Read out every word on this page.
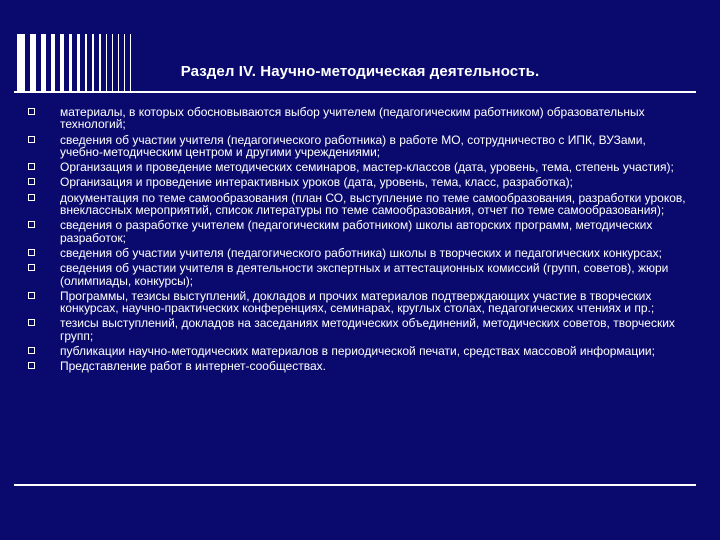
Раздел IV. Научно-методическая деятельность.
материалы, в которых обосновываются выбор учителем (педагогическим работником) образовательных технологий;
сведения об участии учителя (педагогического работника) в работе МО, сотрудничество с ИПК, ВУЗами, учебно-методическим центром и другими учреждениями;
Организация и проведение методических семинаров, мастер-классов (дата, уровень, тема, степень участия);
Организация и проведение интерактивных уроков (дата, уровень, тема, класс, разработка);
документация по теме самообразования (план СО, выступление по теме самообразования, разработки уроков, внеклассных мероприятий, список литературы по теме самообразования, отчет по теме самообразования);
сведения о разработке учителем (педагогическим работником) школы авторских программ, методических разработок;
сведения об участии учителя (педагогического работника) школы в творческих и педагогических конкурсах;
сведения об участии учителя в деятельности экспертных и аттестационных комиссий (групп, советов), жюри (олимпиады, конкурсы);
Программы, тезисы выступлений, докладов и прочих материалов подтверждающих участие в творческих конкурсах, научно-практических конференциях, семинарах, круглых столах, педагогических чтениях и пр.;
тезисы выступлений, докладов на заседаниях методических объединений, методических советов, творческих групп;
публикации научно-методических материалов в периодической печати, средствах массовой информации;
Представление работ в интернет-сообществах.
